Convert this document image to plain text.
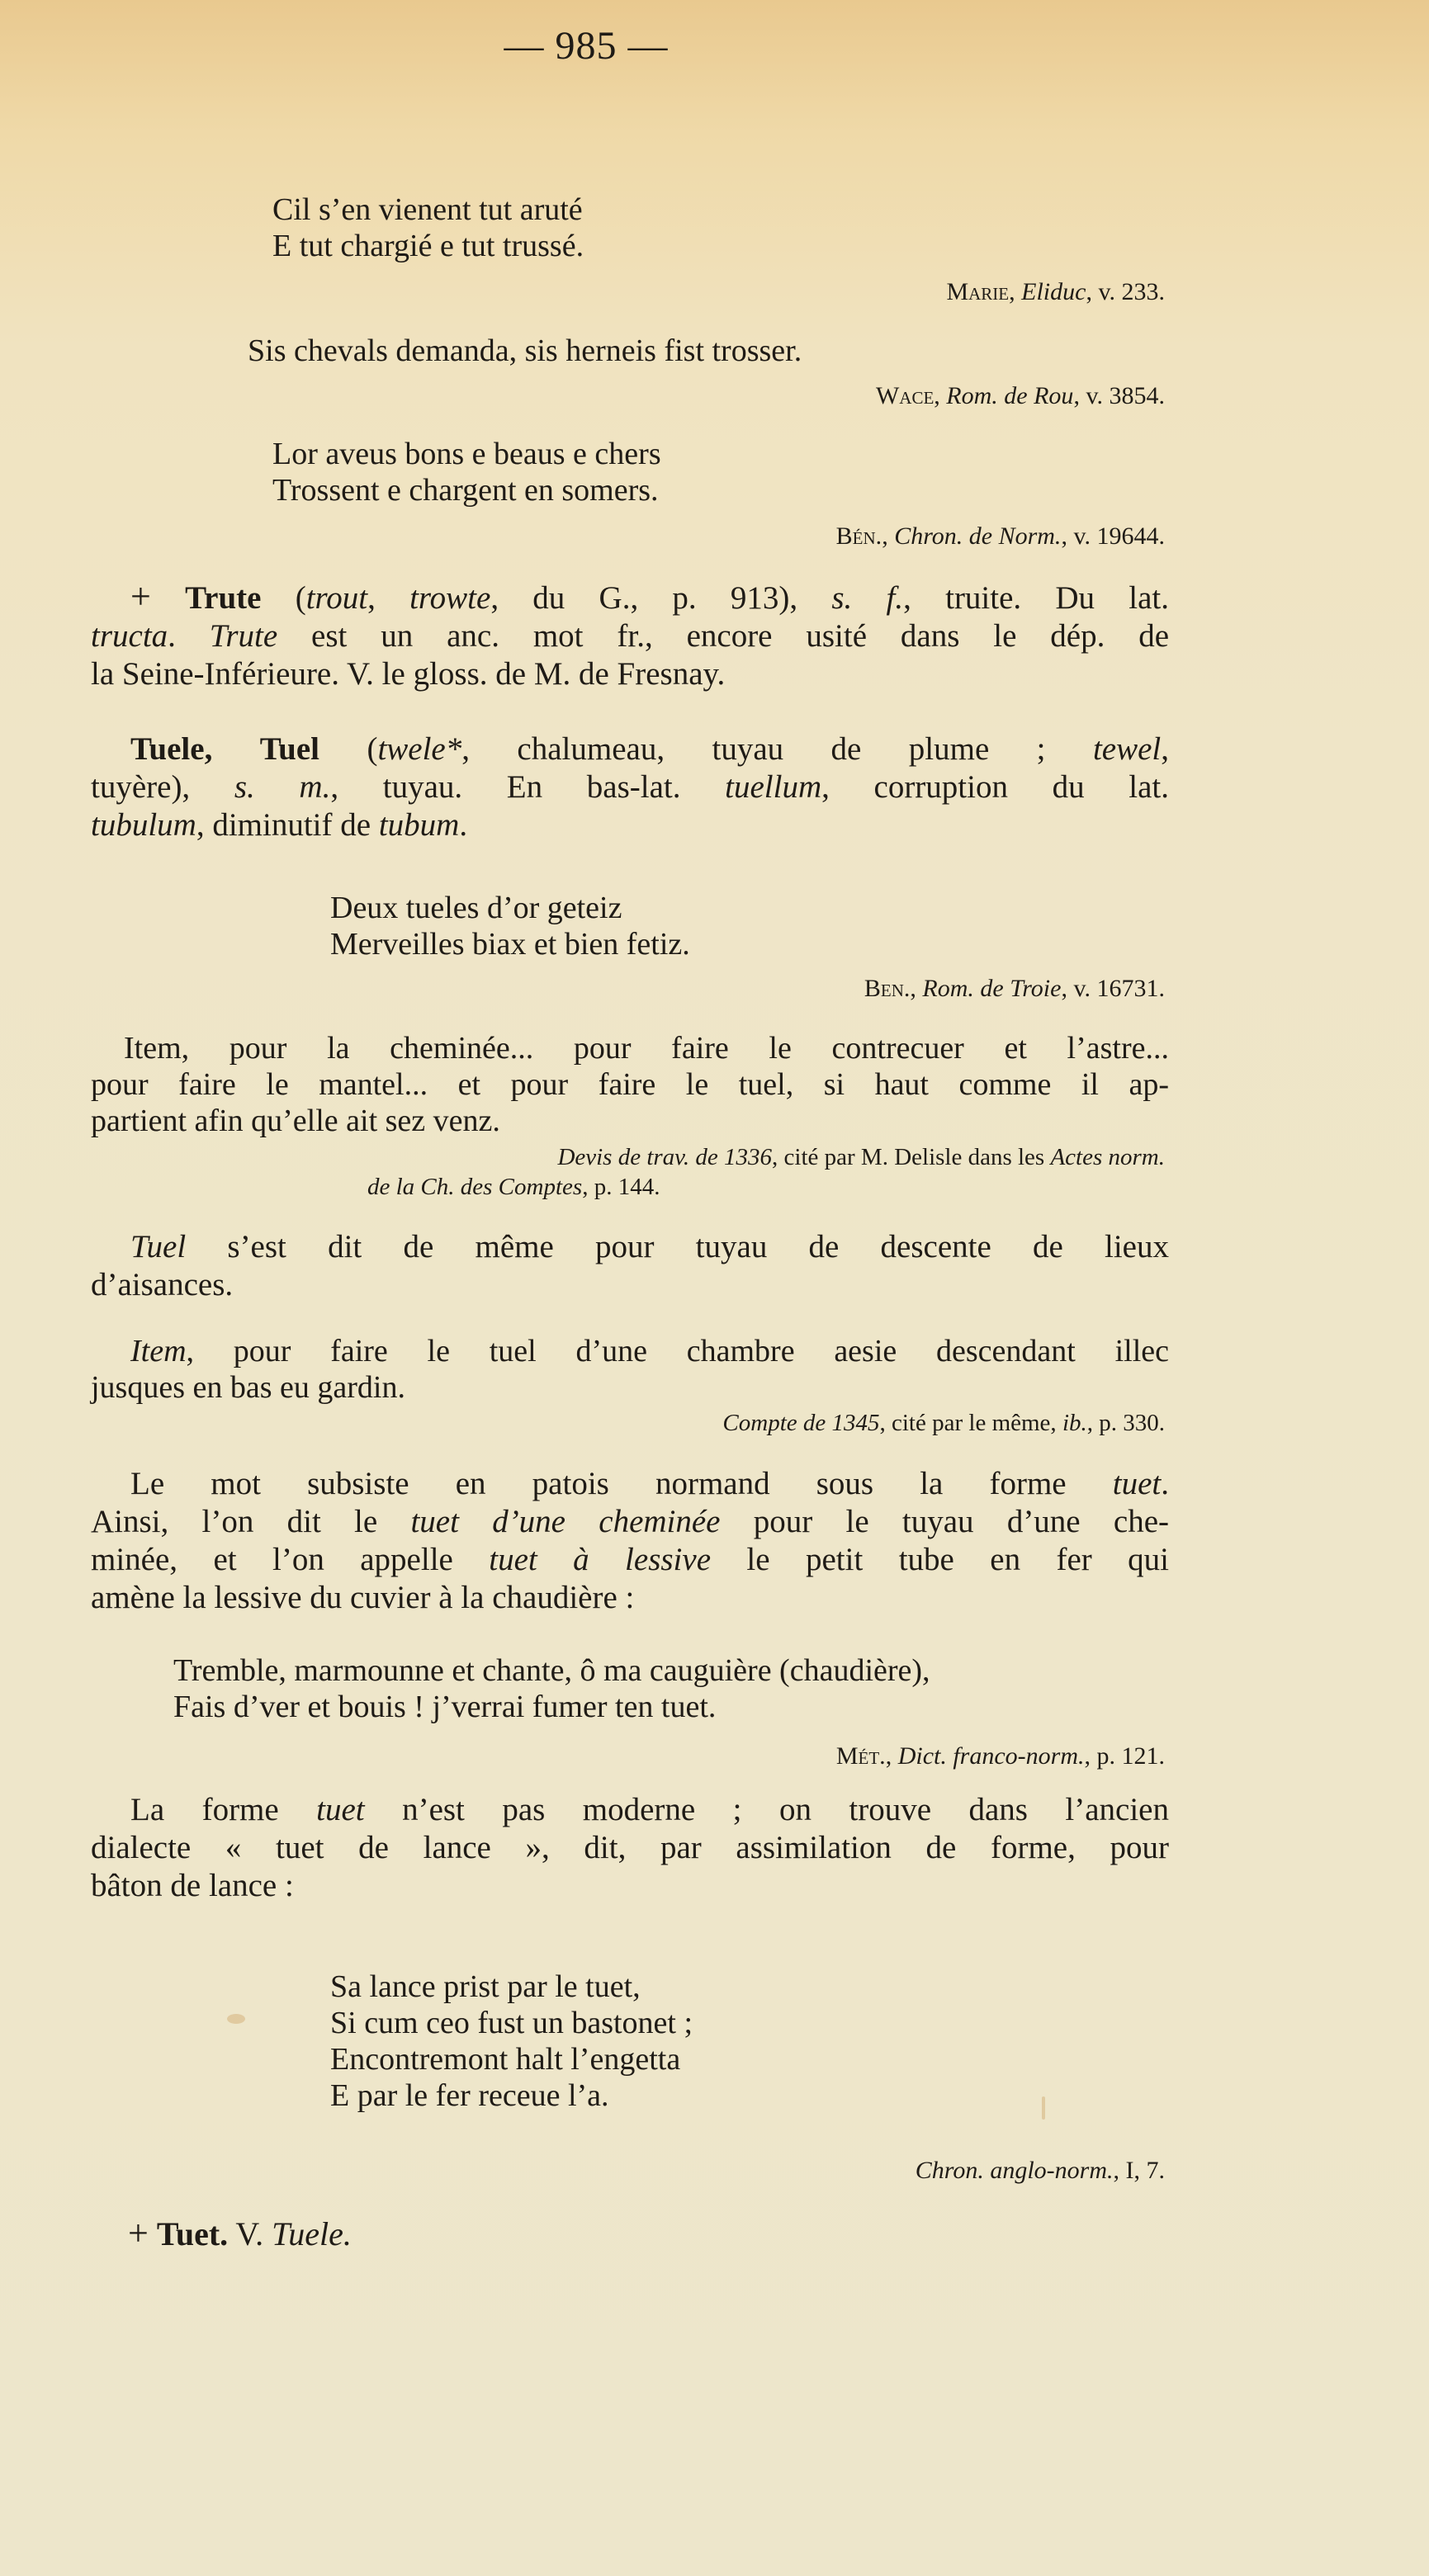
— 985 —
Cil s’en vienent tut aruté
E tut chargié e tut trussé.
Marie, Eliduc, v. 233.
Sis chevals demanda, sis herneis fist trosser.
Wace, Rom. de Rou, v. 3854.
Lor aveus bons e beaus e chers
Trossent e chargent en somers.
Bén., Chron. de Norm., v. 19644.
+ Trute (trout, trowte, du G., p. 913), s. f., truite. Du lat.
tructa. Trute est un anc. mot fr., encore usité dans le dép. de
la Seine-Inférieure. V. le gloss. de M. de Fresnay.
Tuele, Tuel (twele*, chalumeau, tuyau de plume ; tewel,
tuyère), s. m., tuyau. En bas-lat. tuellum, corruption du lat.
tubulum, diminutif de tubum.
Deux tueles d’or geteiz
Merveilles biax et bien fetiz.
Ben., Rom. de Troie, v. 16731.
Item, pour la cheminée... pour faire le contrecuer et l’astre...
pour faire le mantel... et pour faire le tuel, si haut comme il ap-
partient afin qu’elle ait sez venz.
Devis de trav. de 1336, cité par M. Delisle dans les Actes norm.
de la Ch. des Comptes, p. 144.
Tuel s’est dit de même pour tuyau de descente de lieux
d’aisances.
Item, pour faire le tuel d’une chambre aesie descendant illec
jusques en bas eu gardin.
Compte de 1345, cité par le même, ib., p. 330.
Le mot subsiste en patois normand sous la forme tuet.
Ainsi, l’on dit le tuet d’une cheminée pour le tuyau d’une che-
minée, et l’on appelle tuet à lessive le petit tube en fer qui
amène la lessive du cuvier à la chaudière :
Tremble, marmounne et chante, ô ma cauguière (chaudière),
Fais d’ver et bouis ! j’verrai fumer ten tuet.
Mét., Dict. franco-norm., p. 121.
La forme tuet n’est pas moderne ; on trouve dans l’ancien
dialecte « tuet de lance », dit, par assimilation de forme, pour
bâton de lance :
Sa lance prist par le tuet,
Si cum ceo fust un bastonet ;
Encontremont halt l’engetta
E par le fer receue l’a.
Chron. anglo-norm., I, 7.
+ Tuet. V. Tuele.
